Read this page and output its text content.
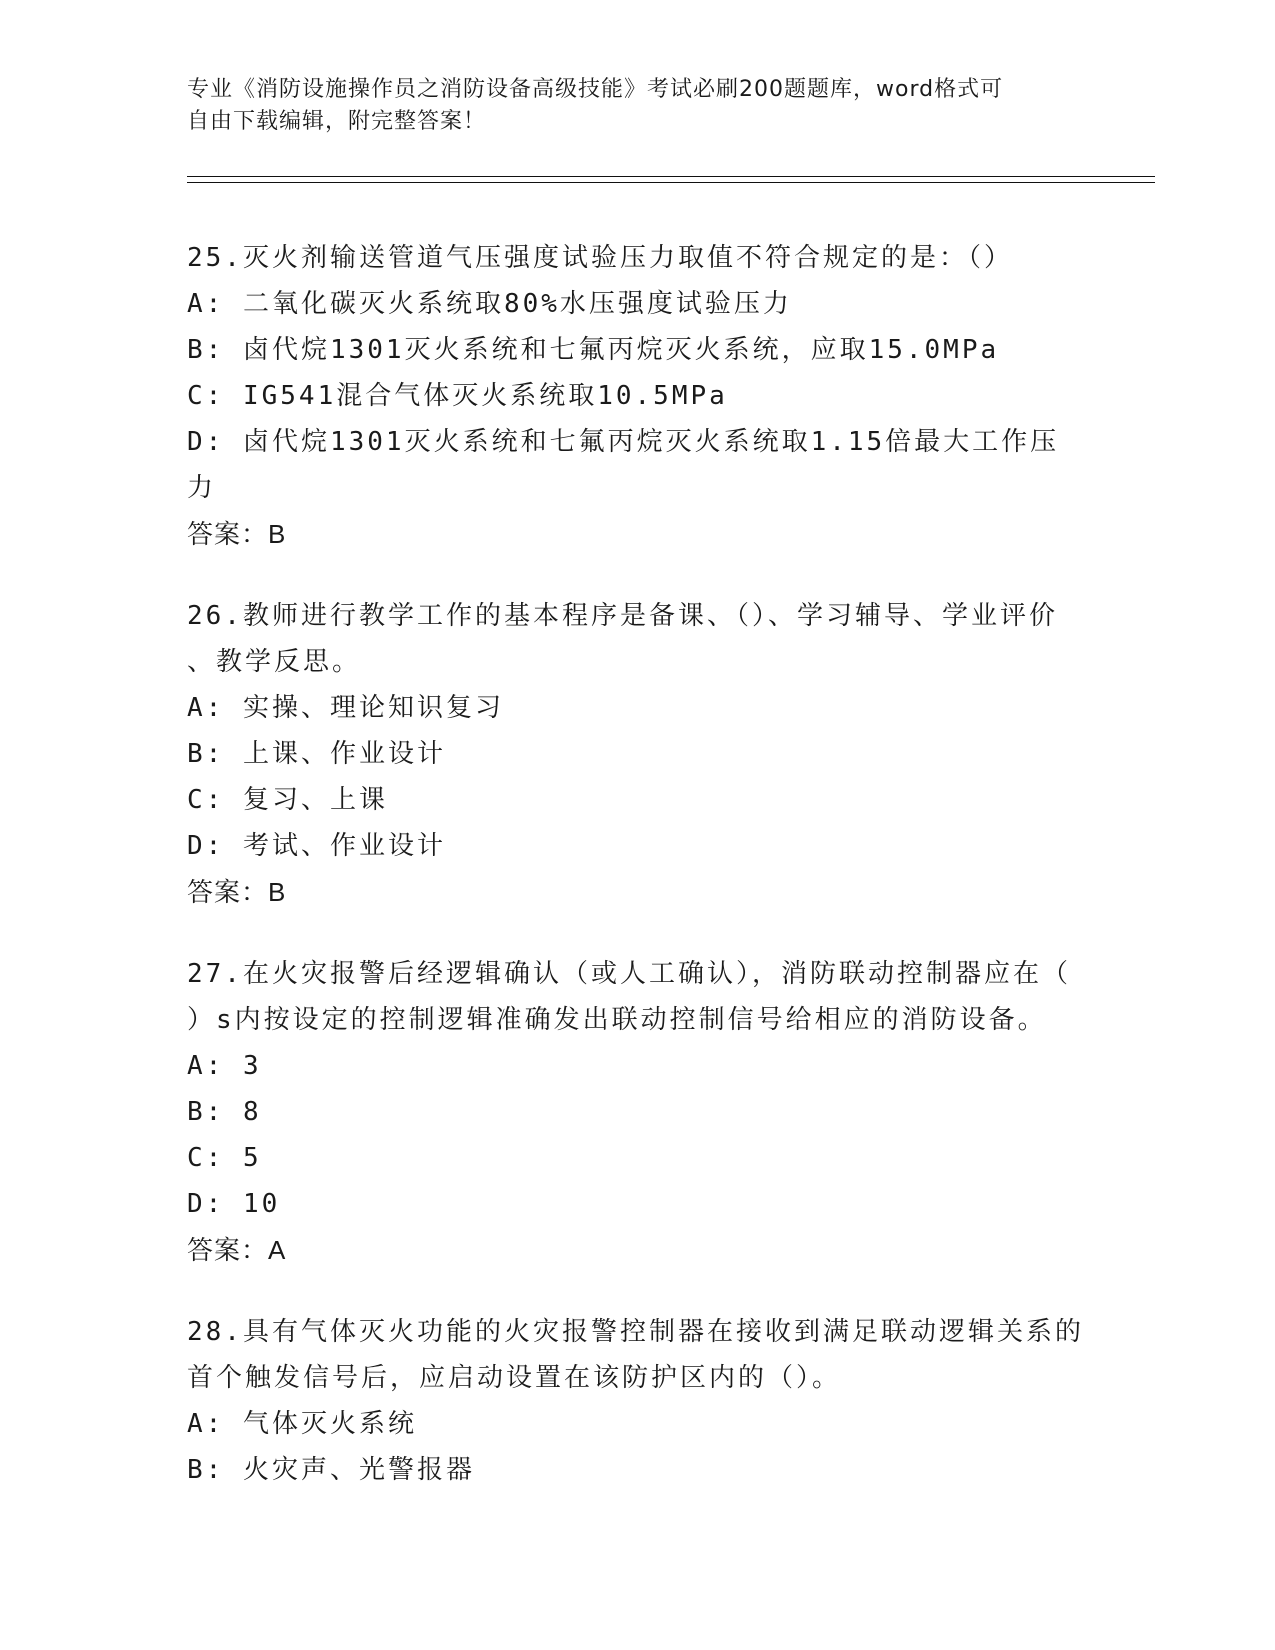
专业《消防设施操作员之消防设备高级技能》考试必刷200题题库，word格式可
自由下载编辑，附完整答案！
25.灭火剂输送管道气压强度试验压力取值不符合规定的是：（）
A: 二氧化碳灭火系统取80%水压强度试验压力
B: 卤代烷1301灭火系统和七氟丙烷灭火系统，应取15.0MPa
C: IG541混合气体灭火系统取10.5MPa
D: 卤代烷1301灭火系统和七氟丙烷灭火系统取1.15倍最大工作压力
答案：B
26.教师进行教学工作的基本程序是备课、（）、学习辅导、学业评价
、教学反思。
A: 实操、理论知识复习
B: 上课、作业设计
C: 复习、上课
D: 考试、作业设计
答案：B
27.在火灾报警后经逻辑确认（或人工确认），消防联动控制器应在（
）s内按设定的控制逻辑准确发出联动控制信号给相应的消防设备。
A: 3
B: 8
C: 5
D: 10
答案：A
28.具有气体灭火功能的火灾报警控制器在接收到满足联动逻辑关系的
首个触发信号后，应启动设置在该防护区内的（）。
A: 气体灭火系统
B: 火灾声、光警报器
